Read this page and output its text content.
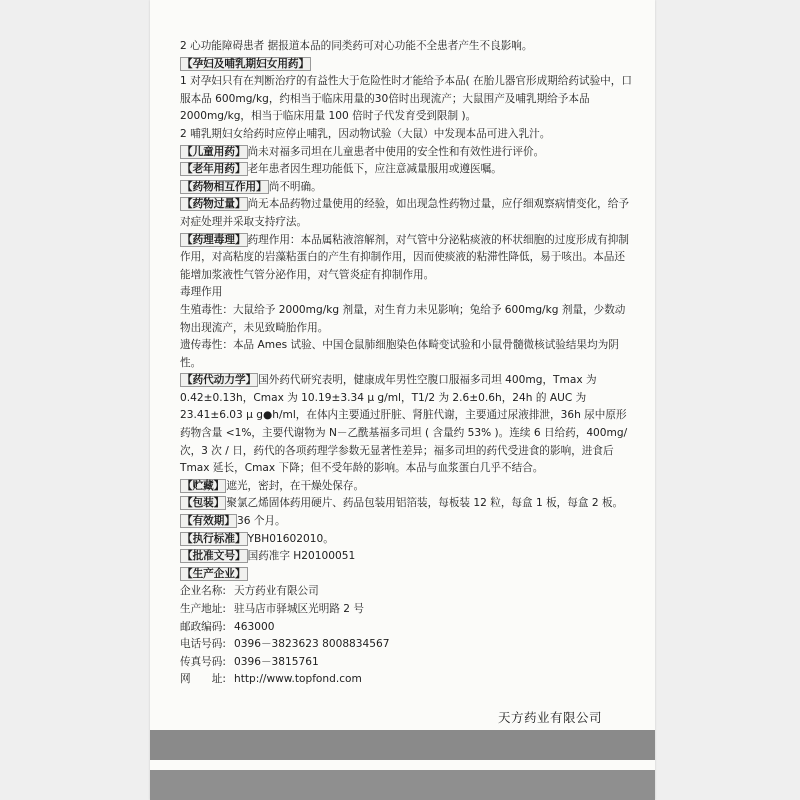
2 心功能障碍患者 据报道本品的同类药可对心功能不全患者产生不良影响。

【孕妇及哺乳期妇女用药】

1 对孕妇只有在判断治疗的有益性大于危险性时才能给予本品( 在胎儿器官形成期给药试验中，口服本品 600mg/kg，约相当于临床用量的30倍时出现流产；大鼠围产及哺乳期给予本品 2000mg/kg，相当于临床用量 100 倍时子代发育受到限制 )。

2 哺乳期妇女给药时应停止哺乳，因动物试验（大鼠）中发现本品可进入乳汁。

【儿童用药】 尚未对福多司坦在儿童患者中使用的安全性和有效性进行评价。

【老年用药】 老年患者因生理功能低下，应注意减量服用或遵医嘱。

【药物相互作用】 尚不明确。

【药物过量】 尚无本品药物过量使用的经验，如出现急性药物过量，应仔细观察病情变化，给予对症处理并采取支持疗法。

【药理毒理】 药理作用：本品属粘液溶解剂，对气管中分泌粘痰液的杯状细胞的过度形成有抑制作用，对高粘度的岩藻粘蛋白的产生有抑制作用，因而使痰液的粘滞性降低，易于咳出。本品还能增加浆液性气管分泌作用，对气管炎症有抑制作用。

毒理作用

生殖毒性：大鼠给予 2000mg/kg 剂量，对生育力未见影响；兔给予 600mg/kg 剂量，少数动物出现流产，未见致畸胎作用。

遗传毒性：本品 Ames 试验、中国仓鼠肺细胞染色体畸变试验和小鼠骨髓微核试验结果均为阴性。

【药代动力学】 国外药代研究表明，健康成年男性空腹口服福多司坦 400mg，Tmax 为 0.42±0.13h，Cmax 为 10.19±3.34 μ g/ml，T1/2 为 2.6±0.6h，24h 的 AUC 为 23.41±6.03 μ g●h/ml，在体内主要通过肝脏、肾脏代谢，主要通过尿液排泄，36h 尿中原形药物含量 <1%，主要代谢物为 N－乙酰基福多司坦 ( 含量约 53% )。连续 6 日给药，400mg/ 次，3 次 / 日，药代的各项药理学参数无显著性差异；福多司坦的药代受进食的影响，进食后 Tmax 延长，Cmax 下降；但不受年龄的影响。本品与血浆蛋白几乎不结合。

【贮藏】 遮光，密封，在干燥处保存。

【包装】 聚氯乙烯固体药用硬片、药品包装用铝箔装，每板装 12 粒，每盒 1 板，每盒 2 板。

【有效期】 36 个月。

【执行标准】 YBH01602010。

【批准文号】 国药准字 H20100051

【生产企业】

企业名称: 天方药业有限公司

生产地址: 驻马店市驿城区光明路 2 号

邮政编码: 463000

电话号码: 0396－3823623 8008834567

传真号码: 0396－3815761

网　　址: http://www.topfond.com

天方药业有限公司
